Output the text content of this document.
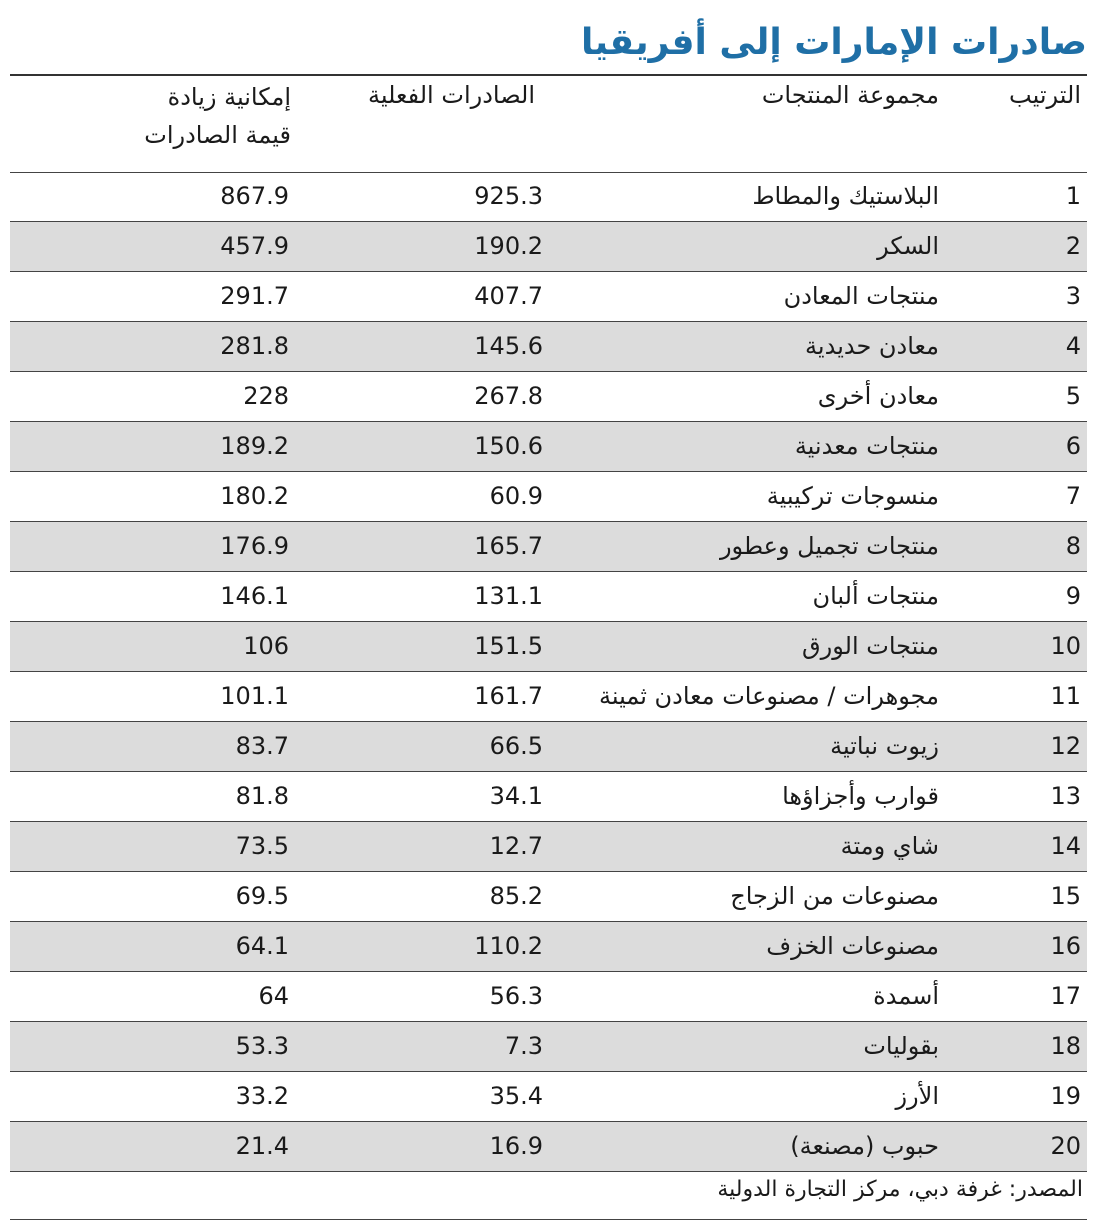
صادرات الإمارات إلى أفريقيا
الترتيب
مجموعة المنتجات
الصادرات الفعلية
إمكانية زيادة
قيمة الصادرات
1
البلاستيك والمطاط
925.3
867.9
2
السكر
190.2
457.9
3
منتجات المعادن
407.7
291.7
4
معادن حديدية
145.6
281.8
5
معادن أخرى
267.8
228
6
منتجات معدنية
150.6
189.2
7
منسوجات تركيبية
60.9
180.2
8
منتجات تجميل وعطور
165.7
176.9
9
منتجات ألبان
131.1
146.1
10
منتجات الورق
151.5
106
11
مجوهرات / مصنوعات معادن ثمينة
161.7
101.1
12
زيوت نباتية
66.5
83.7
13
قوارب وأجزاؤها
34.1
81.8
14
شاي ومتة
12.7
73.5
15
مصنوعات من الزجاج
85.2
69.5
16
مصنوعات الخزف
110.2
64.1
17
أسمدة
56.3
64
18
بقوليات
7.3
53.3
19
الأرز
35.4
33.2
20
حبوب (مصنعة)
16.9
21.4
المصدر: غرفة دبي، مركز التجارة الدولية
